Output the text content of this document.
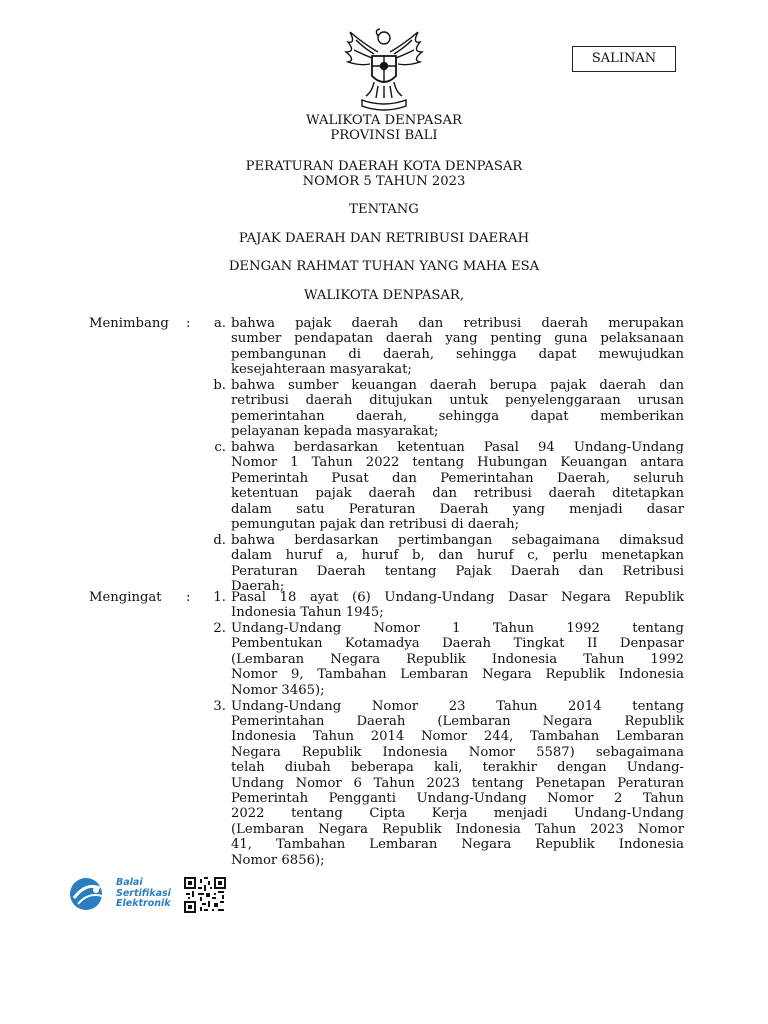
SALINAN
WALIKOTA DENPASAR
PROVINSI BALI
PERATURAN DAERAH KOTA DENPASAR
NOMOR 5 TAHUN 2023
TENTANG
PAJAK DAERAH DAN RETRIBUSI DAERAH
DENGAN RAHMAT TUHAN YANG MAHA ESA
WALIKOTA DENPASAR,
Menimbang :	a. bahwa pajak daerah dan retribusi daerah merupakan
sumber pendapatan daerah yang penting guna pelaksanaan
pembangunan di daerah, sehingga dapat mewujudkan
kesejahteraan masyarakat;
b. bahwa sumber keuangan daerah berupa pajak daerah dan
retribusi daerah ditujukan untuk penyelenggaraan urusan
pemerintahan daerah, sehingga dapat memberikan
pelayanan kepada masyarakat;
c. bahwa berdasarkan ketentuan Pasal 94 Undang-Undang
Nomor 1 Tahun 2022 tentang Hubungan Keuangan antara
Pemerintah Pusat dan Pemerintahan Daerah, seluruh
ketentuan pajak daerah dan retribusi daerah ditetapkan
dalam satu Peraturan Daerah yang menjadi dasar
pemungutan pajak dan retribusi di daerah;
d. bahwa berdasarkan pertimbangan sebagaimana dimaksud
dalam huruf a, huruf b, dan huruf c, perlu menetapkan
Peraturan Daerah tentang Pajak Daerah dan Retribusi
Daerah;
Mengingat :	1. Pasal 18 ayat (6) Undang-Undang Dasar Negara Republik
Indonesia Tahun 1945;
2. Undang-Undang Nomor 1 Tahun 1992 tentang
Pembentukan Kotamadya Daerah Tingkat II Denpasar
(Lembaran Negara Republik Indonesia Tahun 1992
Nomor 9, Tambahan Lembaran Negara Republik Indonesia
Nomor 3465);
3. Undang-Undang Nomor 23 Tahun 2014 tentang
Pemerintahan Daerah (Lembaran Negara Republik
Indonesia Tahun 2014 Nomor 244, Tambahan Lembaran
Negara Republik Indonesia Nomor 5587) sebagaimana
telah diubah beberapa kali, terakhir dengan Undang-
Undang Nomor 6 Tahun 2023 tentang Penetapan Peraturan
Pemerintah Pengganti Undang-Undang Nomor 2 Tahun
2022 tentang Cipta Kerja menjadi Undang-Undang
(Lembaran Negara Republik Indonesia Tahun 2023 Nomor
41, Tambahan Lembaran Negara Republik Indonesia
Nomor 6856);
Balai
Sertifikasi
Elektronik
